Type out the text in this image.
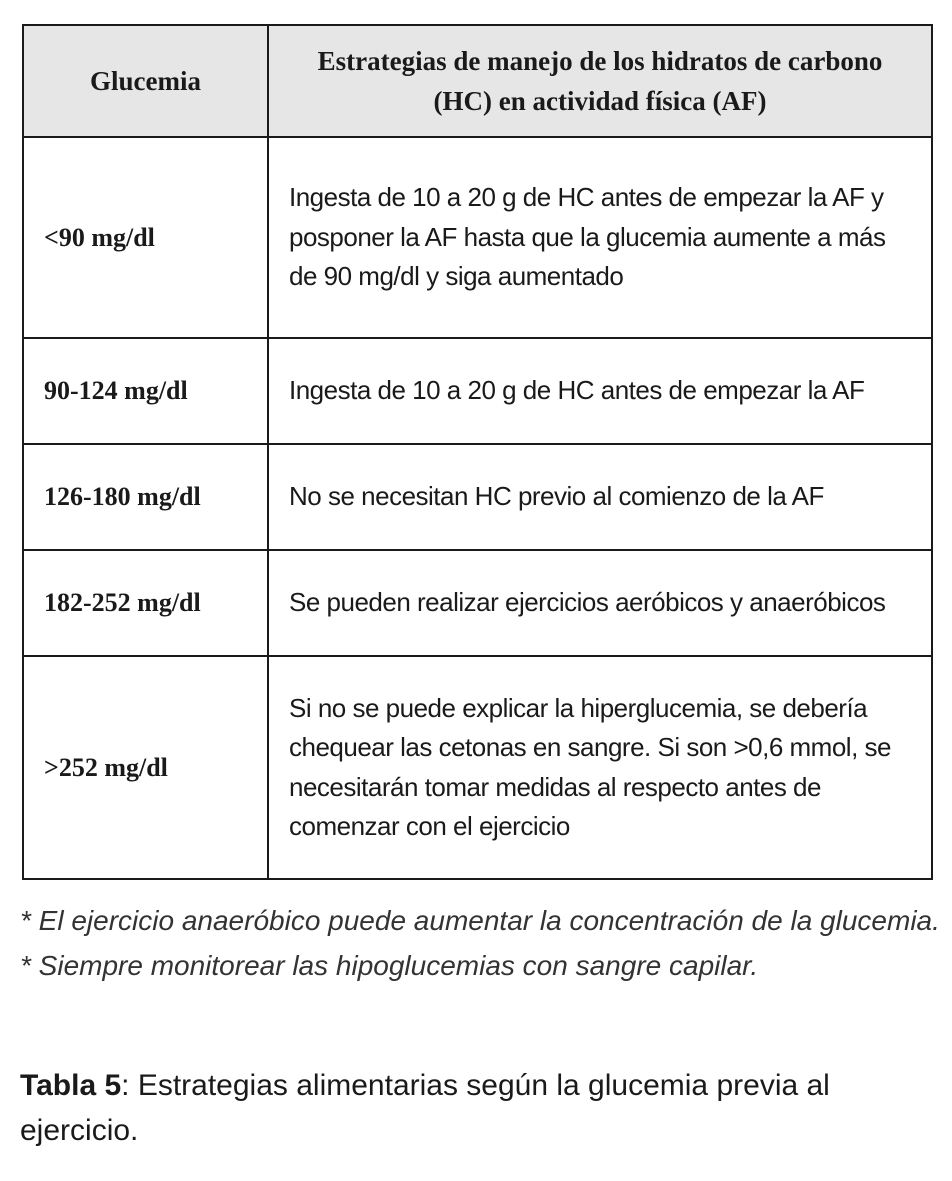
Glucemia	Estrategias de manejo de los hidratos de carbono
(HC) en actividad física (AF)
<90 mg/dl	Ingesta de 10 a 20 g de HC antes de empezar la AF y posponer la AF hasta que la glucemia aumente a más de 90 mg/dl y siga aumentado
90-124 mg/dl	Ingesta de 10 a 20 g de HC antes de empezar la AF
126-180 mg/dl	No se necesitan HC previo al comienzo de la AF
182-252 mg/dl	Se pueden realizar ejercicios aeróbicos y anaeróbicos
>252 mg/dl	Si no se puede explicar la hiperglucemia, se debería chequear las cetonas en sangre. Si son >0,6 mmol, se necesitarán tomar medidas al respecto antes de comenzar con el ejercicio
* El ejercicio anaeróbico puede aumentar la concentración de la glucemia.
* Siempre monitorear las hipoglucemias con sangre capilar.
Tabla 5: Estrategias alimentarias según la glucemia previa al ejercicio.
